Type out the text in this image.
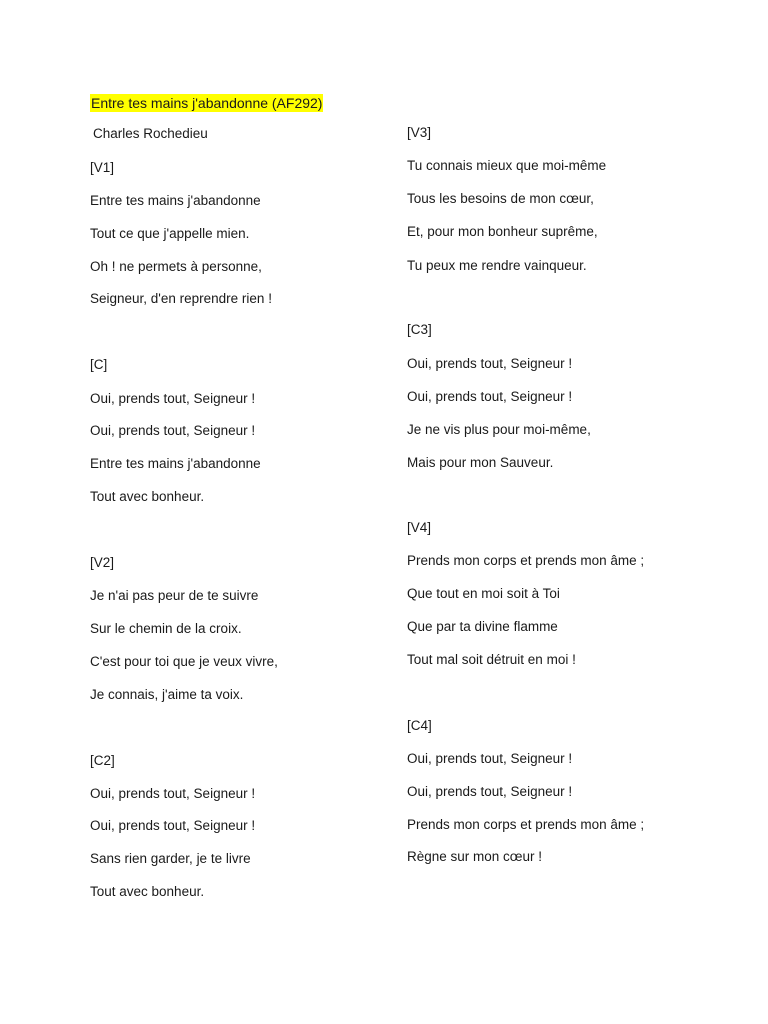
Entre tes mains j'abandonne (AF292)
Charles Rochedieu
[V1]
Entre tes mains j'abandonne
Tout ce que j'appelle mien.
Oh ! ne permets à personne,
Seigneur, d'en reprendre rien !
[C]
Oui, prends tout, Seigneur !
Oui, prends tout, Seigneur !
Entre tes mains j'abandonne
Tout avec bonheur.
[V2]
Je n'ai pas peur de te suivre
Sur le chemin de la croix.
C'est pour toi que je veux vivre,
Je connais, j'aime ta voix.
[C2]
Oui, prends tout, Seigneur !
Oui, prends tout, Seigneur !
Sans rien garder, je te livre
Tout avec bonheur.
[V3]
Tu connais mieux que moi-même
Tous les besoins de mon cœur,
Et, pour mon bonheur suprême,
Tu peux me rendre vainqueur.
[C3]
Oui, prends tout, Seigneur !
Oui, prends tout, Seigneur !
Je ne vis plus pour moi-même,
Mais pour mon Sauveur.
[V4]
Prends mon corps et prends mon âme ;
Que tout en moi soit à Toi
Que par ta divine flamme
Tout mal soit détruit en moi !
[C4]
Oui, prends tout, Seigneur !
Oui, prends tout, Seigneur !
Prends mon corps et prends mon âme ;
Règne sur mon cœur !
